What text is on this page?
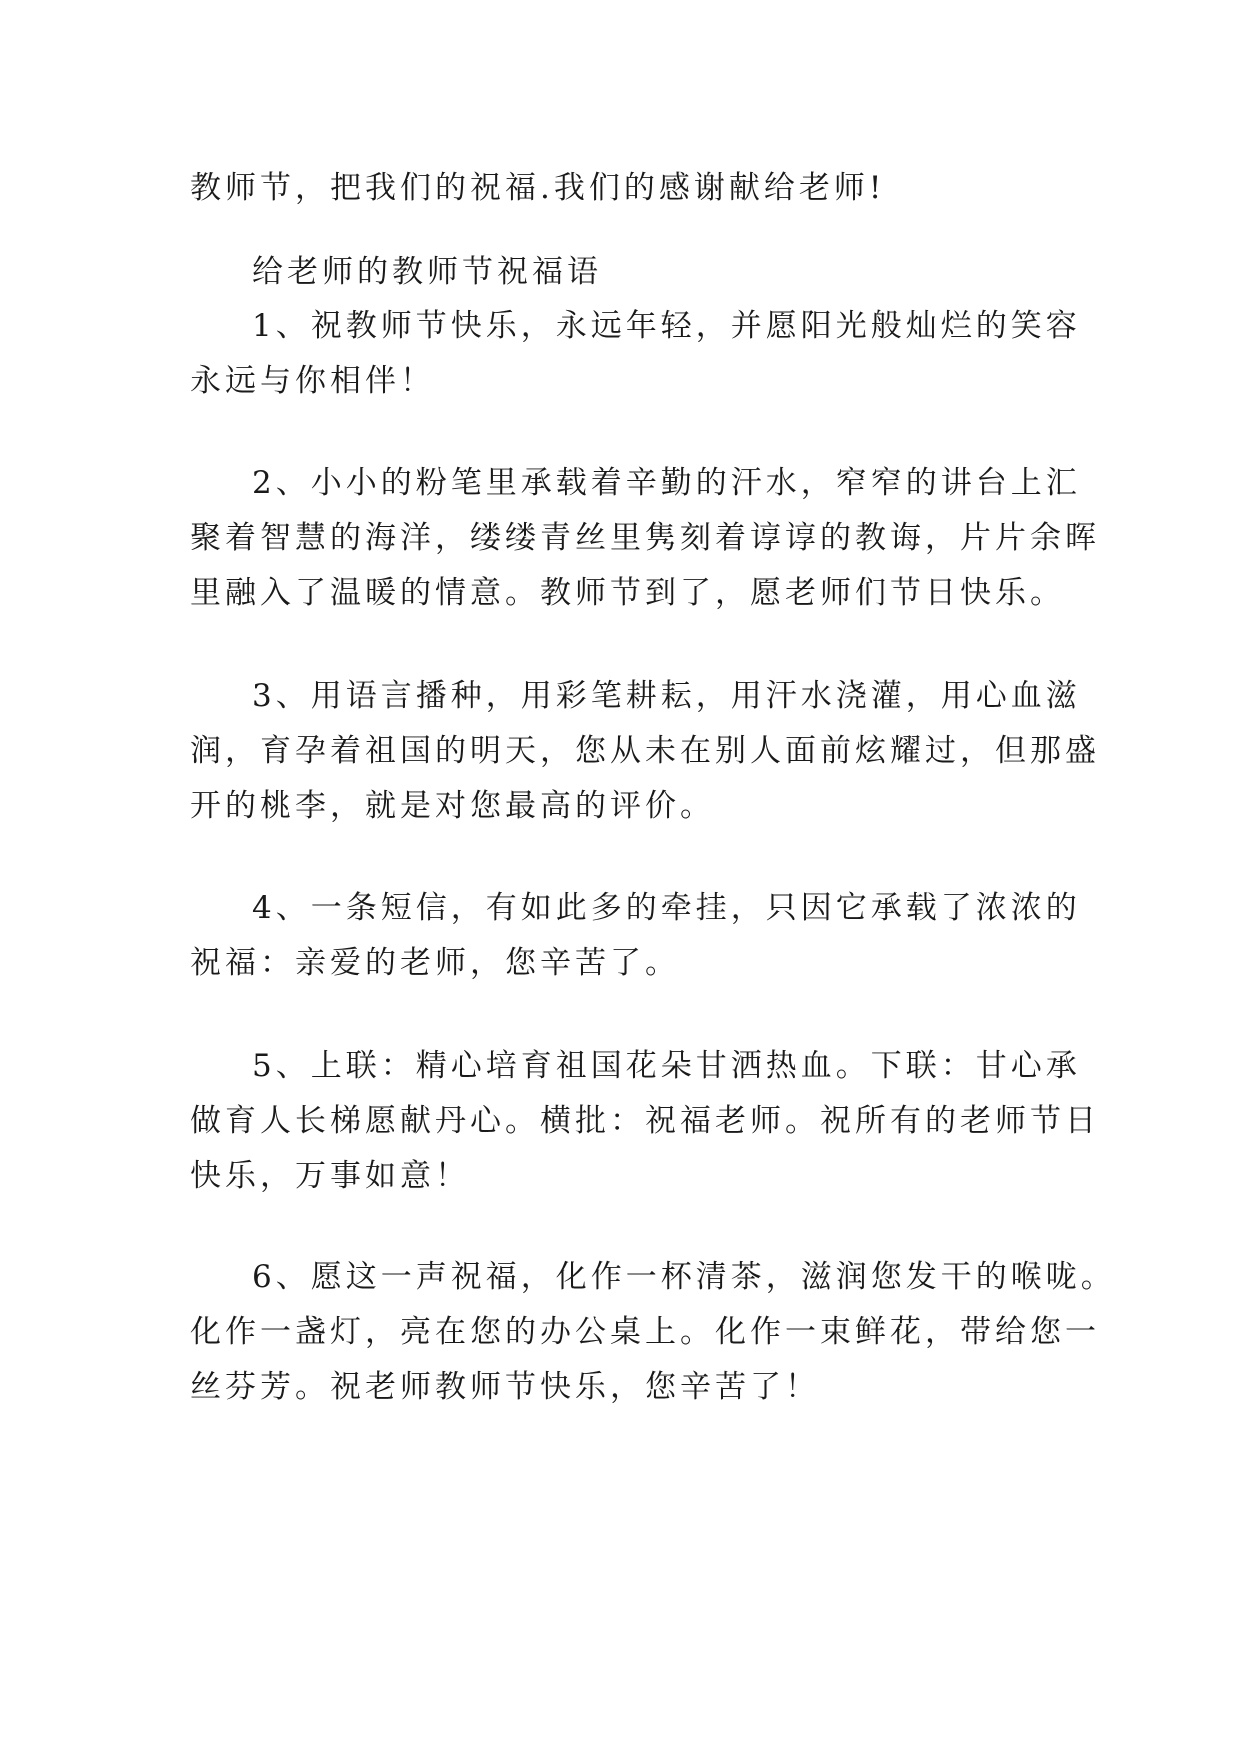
教师节，把我们的祝福.我们的感谢献给老师!
给老师的教师节祝福语
1、祝教师节快乐，永远年轻，并愿阳光般灿烂的笑容
永远与你相伴！
2、小小的粉笔里承载着辛勤的汗水，窄窄的讲台上汇
聚着智慧的海洋，缕缕青丝里隽刻着谆谆的教诲，片片余晖
里融入了温暖的情意。教师节到了，愿老师们节日快乐。
3、用语言播种，用彩笔耕耘，用汗水浇灌，用心血滋
润，育孕着祖国的明天，您从未在别人面前炫耀过，但那盛
开的桃李，就是对您最高的评价。
4、一条短信，有如此多的牵挂，只因它承载了浓浓的
祝福：亲爱的老师，您辛苦了。
5、上联：精心培育祖国花朵甘洒热血。下联：甘心承
做育人长梯愿献丹心。横批：祝福老师。祝所有的老师节日
快乐，万事如意！
6、愿这一声祝福，化作一杯清茶，滋润您发干的喉咙。
化作一盏灯，亮在您的办公桌上。化作一束鲜花，带给您一
丝芬芳。祝老师教师节快乐，您辛苦了！
